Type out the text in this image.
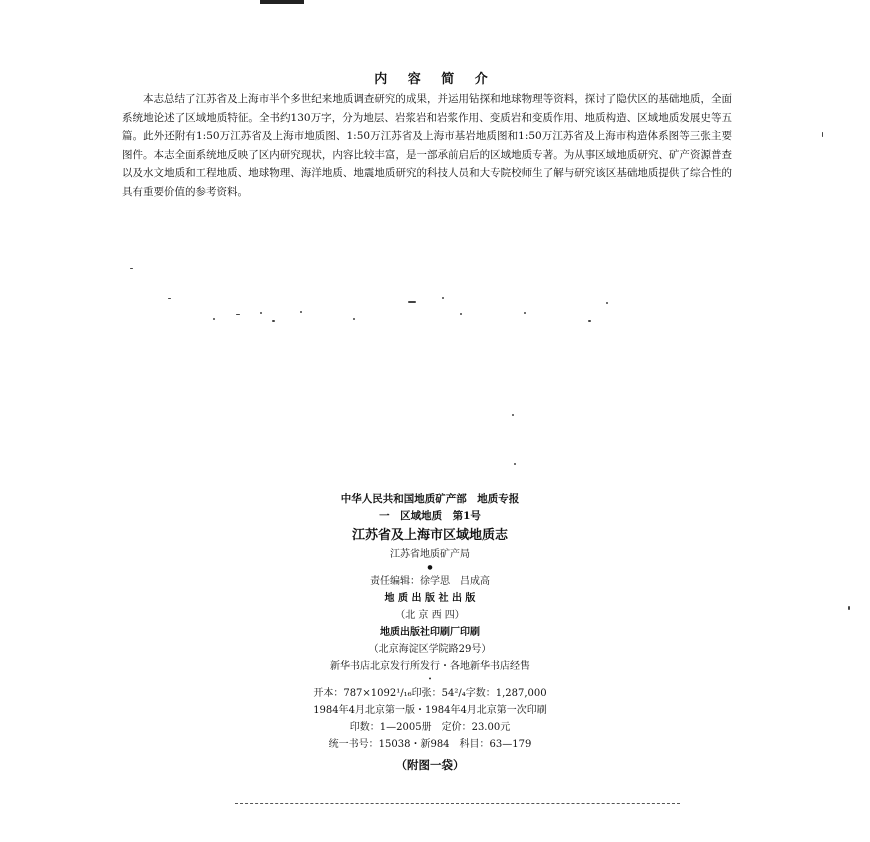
内 容 简 介

本志总结了江苏省及上海市半个多世纪来地质调查研究的成果，并运用钻探和地球物理等资料，探讨了隐伏区的基础地质，全面系统地论述了区域地质特征。全书约130万字，分为地层、岩浆岩和岩浆作用、变质岩和变质作用、地质构造、区域地质发展史等五篇。此外还附有1:50万江苏省及上海市地质图、1:50万江苏省及上海市基岩地质图和1:50万江苏省及上海市构造体系图等三张主要图件。本志全面系统地反映了区内研究现状，内容比较丰富，是一部承前启后的区域地质专著。为从事区域地质研究、矿产资源普查以及水文地质和工程地质、地球物理、海洋地质、地震地质研究的科技人员和大专院校师生了解与研究该区基础地质提供了综合性的具有重要价值的参考资料。

中华人民共和国地质矿产部　地质专报
一　区域地质　第1号
江苏省及上海市区域地质志
江苏省地质矿产局
●
责任编辑：徐学思　吕成高
地 质 出 版 社 出 版
（北 京 西 四）
地质出版社印刷厂印刷
（北京海淀区学院路29号）
新华书店北京发行所发行・各地新华书店经售
•
开本：787×1092¹/₁₆印张：54²/₄字数：1,287,000
1984年4月北京第一版・1984年4月北京第一次印刷
印数：1—2005册　定价：23.00元
统一书号：15038・新984　科目：63—179
（附图一袋）
